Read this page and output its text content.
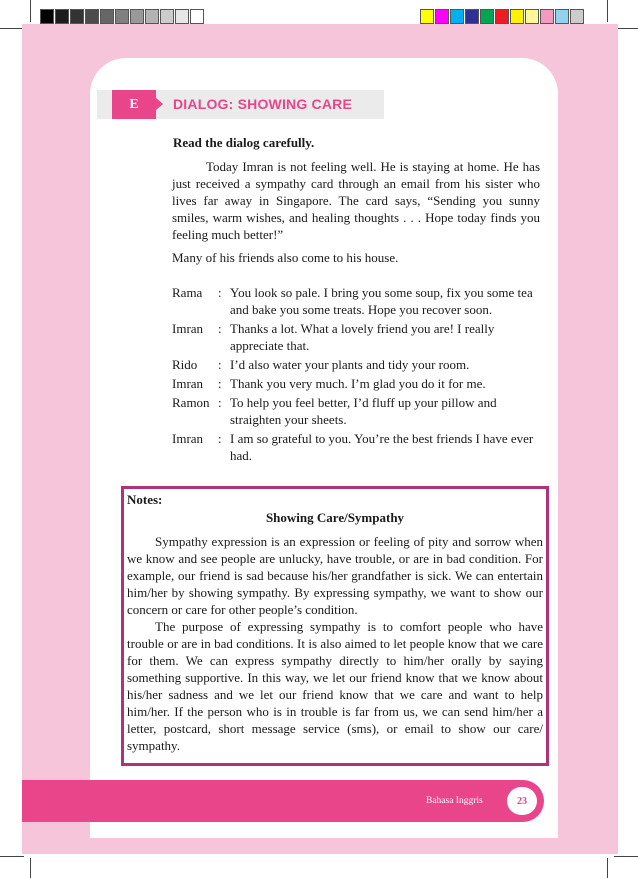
E	DIALOG: SHOWING CARE
Read the dialog carefully.

Today Imran is not feeling well. He is staying at home. He has just received a sympathy card through an email from his sister who lives far away in Singapore. The card says, “Sending you sunny smiles, warm wishes, and healing thoughts . . . Hope today finds you feeling much better!”

Many of his friends also come to his house.

Rama	: You look so pale. I bring you some soup, fix you some tea and bake you some treats. Hope you recover soon.
Imran	: Thanks a lot. What a lovely friend you are! I really appreciate that.
Rido	: I’d also water your plants and tidy your room.
Imran	: Thank you very much. I’m glad you do it for me.
Ramon : To help you feel better, I’d fluff up your pillow and straighten your sheets.
Imran	: I am so grateful to you. You’re the best friends I have ever had.
Notes:
Showing Care/Sympathy

Sympathy expression is an expression or feeling of pity and sorrow when we know and see people are unlucky, have trouble, or are in bad condition. For example, our friend is sad because his/her grandfather is sick. We can entertain him/her by showing sympathy. By expressing sympathy, we want to show our concern or care for other people’s condition.

The purpose of expressing sympathy is to comfort people who have trouble or are in bad conditions. It is also aimed to let people know that we care for them. We can express sympathy directly to him/her orally by saying something supportive. In this way, we let our friend know that we know about his/her sadness and we let our friend know that we care and want to help him/her. If the person who is in trouble is far from us, we can send him/her a letter, postcard, short message service (sms), or email to show our care/ sympathy.

Bahasa Inggris	23
